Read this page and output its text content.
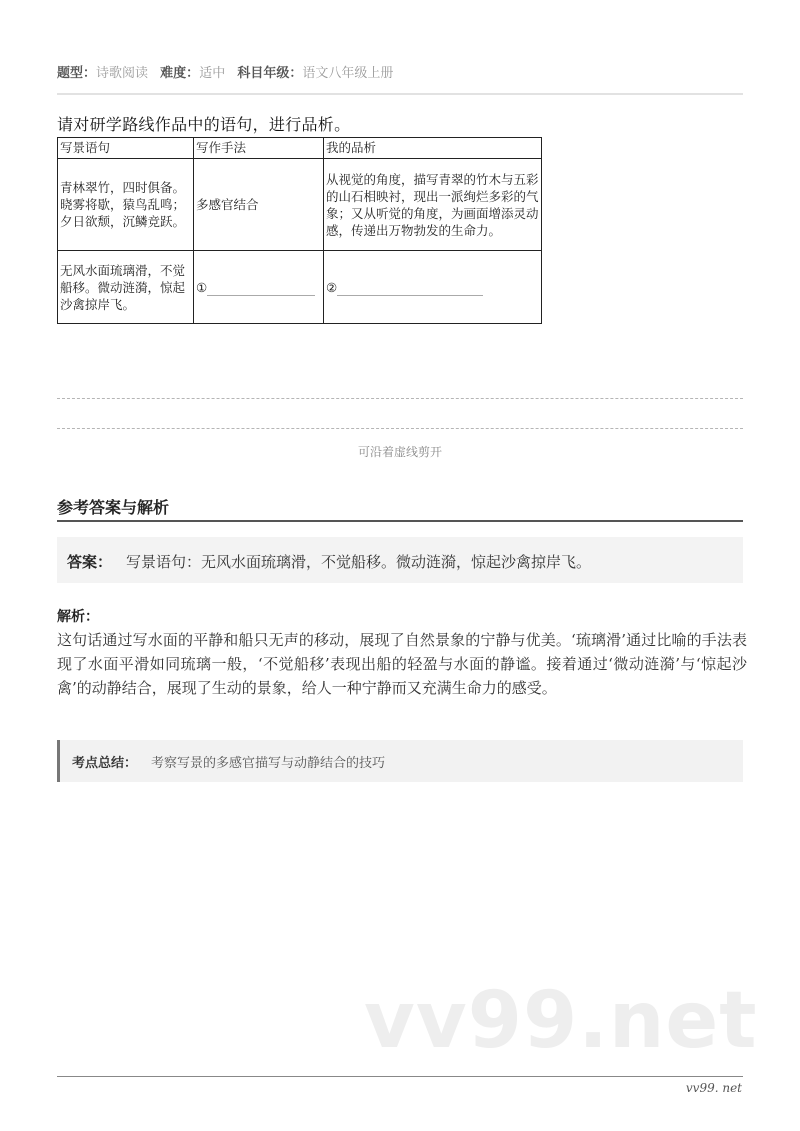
题型：诗歌阅读 难度：适中 科目年级：语文八年级上册
请对研学路线作品中的语句，进行品析。
写景语句	写作手法	我的品析
青林翠竹，四时俱备。晓雾将歇，猿鸟乱鸣；夕日欲颓，沉鳞竞跃。	多感官结合	从视觉的角度，描写青翠的竹木与五彩的山石相映衬，现出一派绚烂多彩的气象；又从听觉的角度，为画面增添灵动感，传递出万物勃发的生命力。
无风水面琉璃滑，不觉船移。微动涟漪，惊起沙禽掠岸飞。	①	②
可沿着虚线剪开
参考答案与解析
答案： 写景语句：无风水面琉璃滑，不觉船移。微动涟漪，惊起沙禽掠岸飞。
解析：
这句话通过写水面的平静和船只无声的移动，展现了自然景象的宁静与优美。‘琉璃滑’通过比喻的手法表现了水面平滑如同琉璃一般，‘不觉船移’表现出船的轻盈与水面的静谧。接着通过‘微动涟漪’与‘惊起沙禽’的动静结合，展现了生动的景象，给人一种宁静而又充满生命力的感受。
考点总结： 考察写景的多感官描写与动静结合的技巧
vv99.net
vv99. net
